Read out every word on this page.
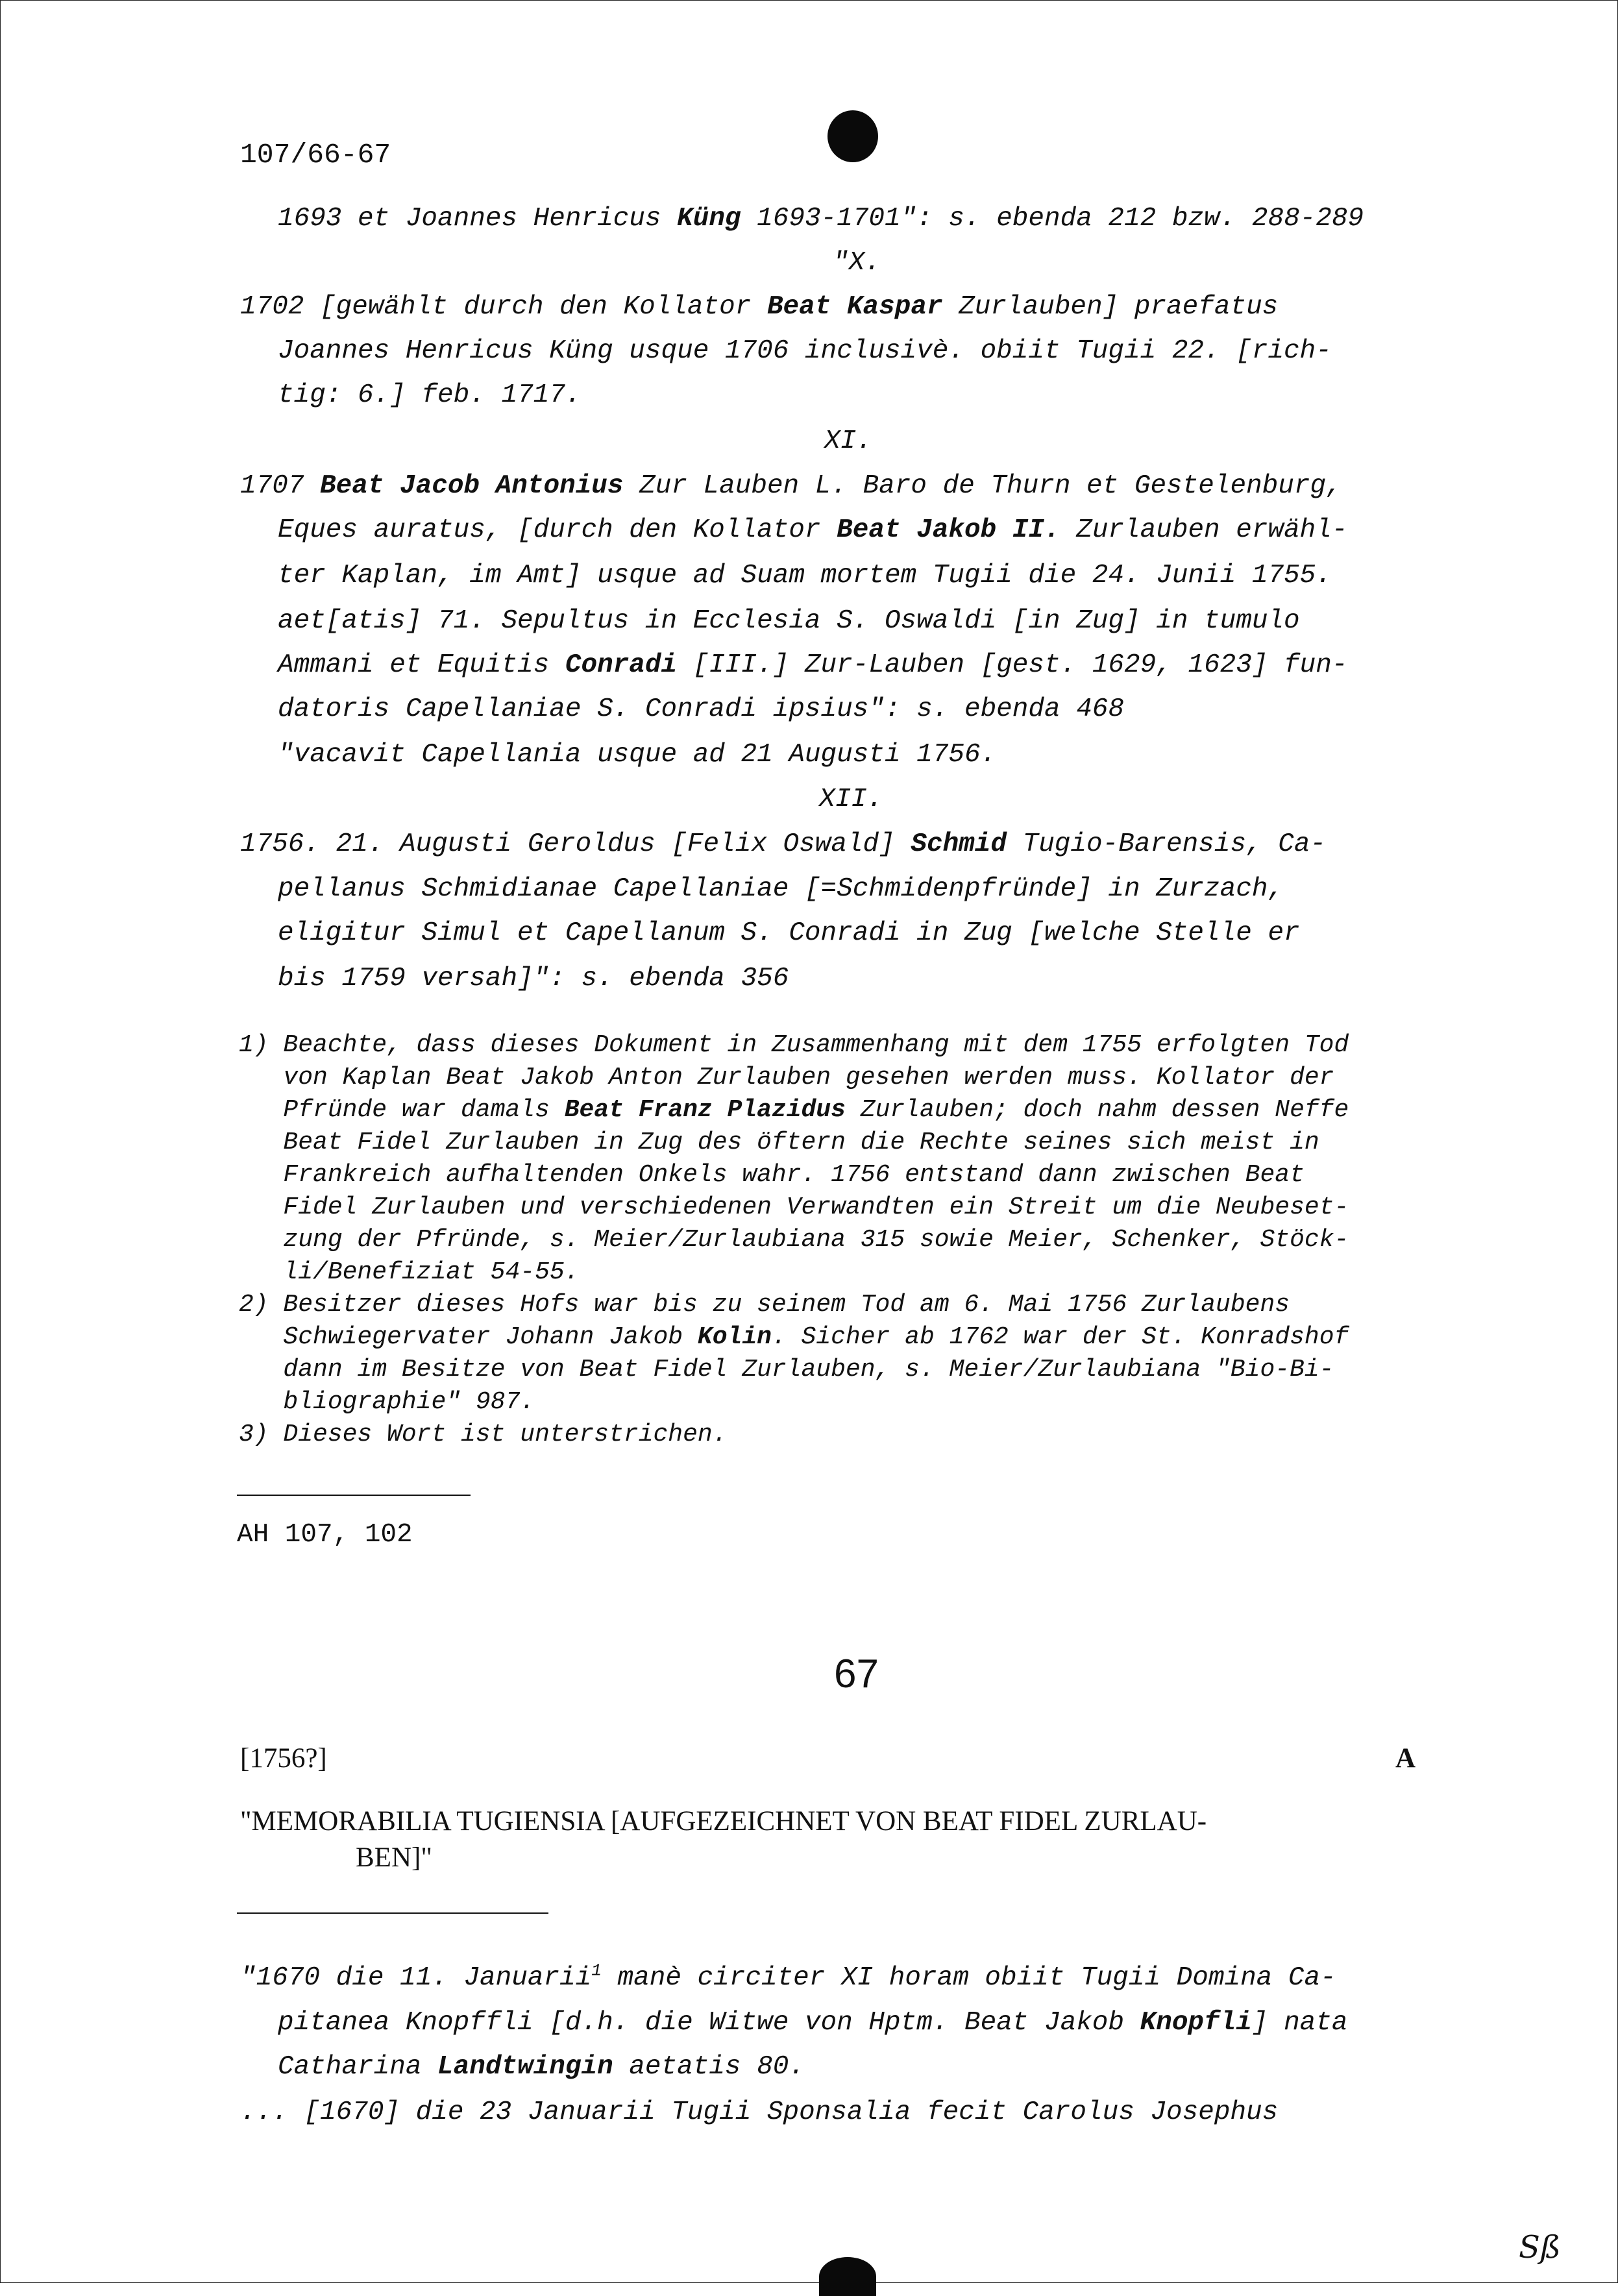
107/66-67
1693 et Joannes Henricus Küng 1693-1701": s. ebenda 212 bzw. 288-289
"X.
1702 [gewählt durch den Kollator Beat Kaspar Zurlauben] praefatus
Joannes Henricus Küng usque 1706 inclusivè. obiit Tugii 22. [rich-
tig: 6.] feb. 1717.
XI.
1707 Beat Jacob Antonius Zur Lauben L. Baro de Thurn et Gestelenburg,
Eques auratus, [durch den Kollator Beat Jakob II. Zurlauben erwähl-
ter Kaplan, im Amt] usque ad Suam mortem Tugii die 24. Junii 1755.
aet[atis] 71. Sepultus in Ecclesia S. Oswaldi [in Zug] in tumulo
Ammani et Equitis Conradi [III.] Zur-Lauben [gest. 1629, 1623] fun-
datoris Capellaniae S. Conradi ipsius": s. ebenda 468
"vacavit Capellania usque ad 21 Augusti 1756.
XII.
1756. 21. Augusti Geroldus [Felix Oswald] Schmid Tugio-Barensis, Ca-
pellanus Schmidianae Capellaniae [=Schmidenpfründe] in Zurzach,
eligitur Simul et Capellanum S. Conradi in Zug [welche Stelle er
bis 1759 versah]": s. ebenda 356
1) Beachte, dass dieses Dokument in Zusammenhang mit dem 1755 erfolgten Tod
von Kaplan Beat Jakob Anton Zurlauben gesehen werden muss. Kollator der
Pfründe war damals Beat Franz Plazidus Zurlauben; doch nahm dessen Neffe
Beat Fidel Zurlauben in Zug des öftern die Rechte seines sich meist in
Frankreich aufhaltenden Onkels wahr. 1756 entstand dann zwischen Beat
Fidel Zurlauben und verschiedenen Verwandten ein Streit um die Neubeset-
zung der Pfründe, s. Meier/Zurlaubiana 315 sowie Meier, Schenker, Stöck-
li/Benefiziat 54-55.
2) Besitzer dieses Hofs war bis zu seinem Tod am 6. Mai 1756 Zurlaubens
Schwiegervater Johann Jakob Kolin. Sicher ab 1762 war der St. Konradshof
dann im Besitze von Beat Fidel Zurlauben, s. Meier/Zurlaubiana "Bio-Bi-
bliographie" 987.
3) Dieses Wort ist unterstrichen.
AH 107, 102
67
[1756?]	A
"MEMORABILIA TUGIENSIA [AUFGEZEICHNET VON BEAT FIDEL ZURLAU-
BEN]"
"1670 die 11. Januarii$^1$ manè circiter XI horam obiit Tugii Domina Ca-
pitanea Knopffli [d.h. die Witwe von Hptm. Beat Jakob Knopfli] nata
Catharina Landtwingin aetatis 80.
... [1670] die 23 Januarii Tugii Sponsalia fecit Carolus Josephus
Sß
